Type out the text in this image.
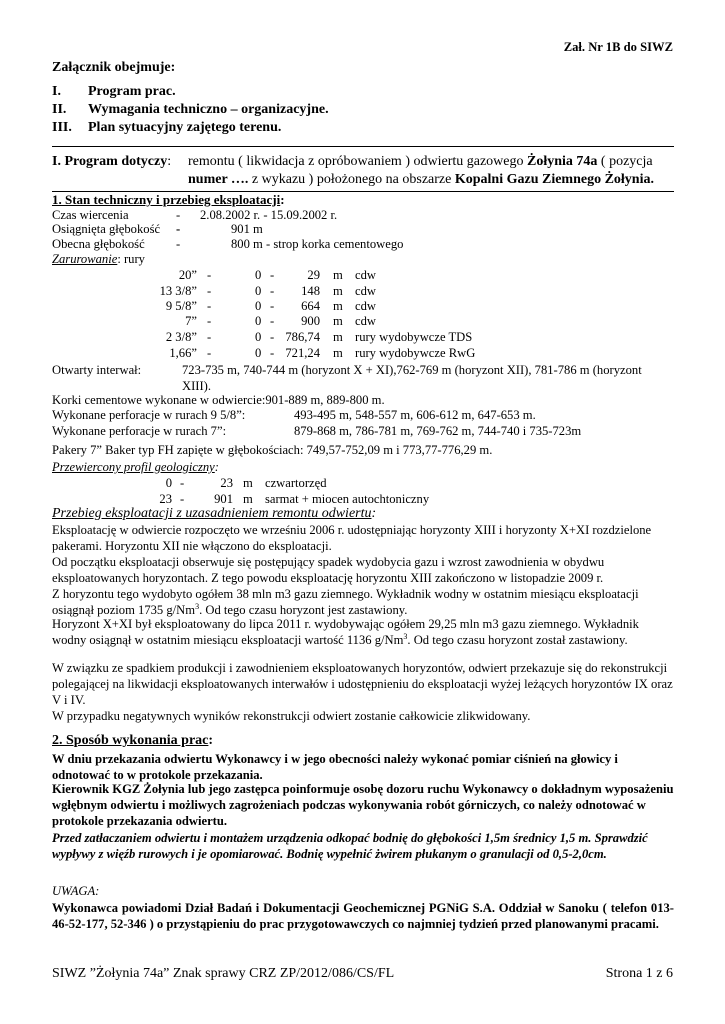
Zał. Nr 1B do SIWZ
Załącznik obejmuje:
I. Program prac.
II. Wymagania techniczno – organizacyjne.
III. Plan sytuacyjny zajętego terenu.
I. Program dotyczy: remontu ( likwidacja z opróbowaniem ) odwiertu gazowego Żołynia 74a ( pozycja
numer …. z wykazu ) położonego na obszarze Kopalni Gazu Ziemnego Żołynia.
1. Stan techniczny i przebieg eksploatacji:
Czas wiercenia	- 2.08.2002 r. - 15.09.2002 r.
Osiągnięta głębokość -	901 m
Obecna głębokość -	800 m - strop korka cementowego
Zarurowanie: rury
20” -	0 -	29 m cdw
13 3/8” -	0 - 148 m cdw
9 5/8” -	0 - 664 m cdw
7” -	0 - 900 m cdw
2 3/8” -	0 - 786,74 m rury wydobywcze TDS
1,66” -	0 - 721,24 m rury wydobywcze RwG
Otwarty interwał:	723-735 m, 740-744 m (horyzont X + XI),762-769 m (horyzont XII), 781-786 m (horyzont
XIII).
Korki cementowe wykonane w odwiercie:901-889 m, 889-800 m.
Wykonane perforacje w rurach 9 5/8”:	493-495 m, 548-557 m, 606-612 m, 647-653 m.
Wykonane perforacje w rurach 7”:	879-868 m, 786-781 m, 769-762 m, 744-740 i 735-723m
Pakery 7” Baker typ FH zapięte w głębokościach: 749,57-752,09 m i 773,77-776,29 m.
Przewiercony profil geologiczny:
0 -	23 m czwartorzęd
23 - 901 m sarmat + miocen autochtoniczny
Przebieg eksploatacji z uzasadnieniem remontu odwiertu:
Eksploatację w odwiercie rozpoczęto we wrześniu 2006 r. udostępniając horyzonty XIII i horyzonty X+XI rozdzielone pakerami. Horyzontu XII nie włączono do eksploatacji.
Od początku eksploatacji obserwuje się postępujący spadek wydobycia gazu i wzrost zawodnienia w obydwu eksploatowanych horyzontach. Z tego powodu eksploatację horyzontu XIII zakończono w listopadzie 2009 r.
Z horyzontu tego wydobyto ogółem 38 mln m3 gazu ziemnego. Wykładnik wodny w ostatnim miesiącu eksploatacji osiągnął poziom 1735 g/Nm$^3$. Od tego czasu horyzont jest zastawiony.
Horyzont X+XI był eksploatowany do lipca 2011 r. wydobywając ogółem 29,25 mln m3 gazu ziemnego. Wykładnik wodny osiągnął w ostatnim miesiącu eksploatacji wartość 1136 g/Nm$^3$. Od tego czasu horyzont został zastawiony.
W związku ze spadkiem produkcji i zawodnieniem eksploatowanych horyzontów, odwiert przekazuje się do rekonstrukcji polegającej na likwidacji eksploatowanych interwałów i udostępnieniu do eksploatacji wyżej leżących horyzontów IX oraz V i IV.
W przypadku negatywnych wyników rekonstrukcji odwiert zostanie całkowicie zlikwidowany.
2. Sposób wykonania prac:
W dniu przekazania odwiertu Wykonawcy i w jego obecności należy wykonać pomiar ciśnień na głowicy i odnotować to w protokole przekazania.
Kierownik KGZ Żołynia lub jego zastępca poinformuje osobę dozoru ruchu Wykonawcy o dokładnym wyposażeniu wgłębnym odwiertu i możliwych zagrożeniach podczas wykonywania robót górniczych, co należy odnotować w protokole przekazania odwiertu.
Przed zatłaczaniem odwiertu i montażem urządzenia odkopać bodnię do głębokości 1,5m średnicy 1,5 m. Sprawdzić wypływy z więźb rurowych i je opomiarować. Bodnię wypełnić żwirem płukanym o granulacji od 0,5-2,0cm.
UWAGA:
Wykonawca powiadomi Dział Badań i Dokumentacji Geochemicznej PGNiG S.A. Oddział w Sanoku ( telefon 013-46-52-177, 52-346 ) o przystąpieniu do prac przygotowawczych co najmniej tydzień przed planowanymi pracami.
SIWZ ”Żołynia 74a” Znak sprawy CRZ ZP/2012/086/CS/FL	Strona 1 z 6
